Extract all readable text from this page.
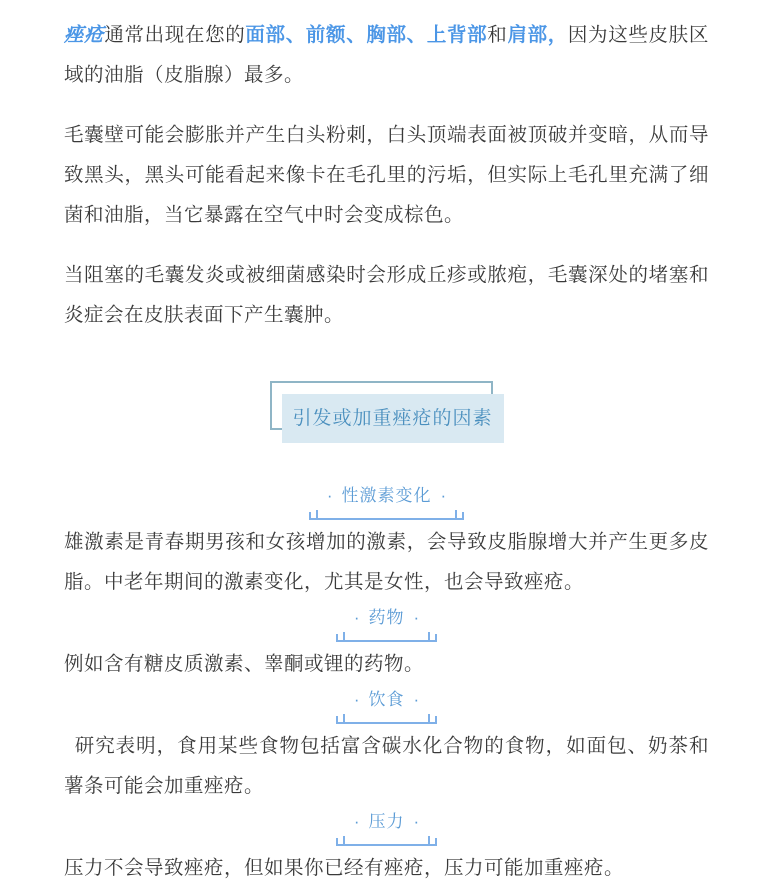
痤疮通常出现在您的面部、前额、胸部、上背部和肩部，因为这些皮肤区域的油脂（皮脂腺）最多。

毛囊壁可能会膨胀并产生白头粉刺，白头顶端表面被顶破并变暗，从而导致黑头，黑头可能看起来像卡在毛孔里的污垢，但实际上毛孔里充满了细菌和油脂，当它暴露在空气中时会变成棕色。

当阻塞的毛囊发炎或被细菌感染时会形成丘疹或脓疱，毛囊深处的堵塞和炎症会在皮肤表面下产生囊肿。

引发或加重痤疮的因素
· 性激素变化 ·

雄激素是青春期男孩和女孩增加的激素，会导致皮脂腺增大并产生更多皮脂。中老年期间的激素变化，尤其是女性，也会导致痤疮。

· 药物 ·

例如含有糖皮质激素、睾酮或锂的药物。

· 饮食 ·

 研究表明，食用某些食物包括富含碳水化合物的食物，如面包、奶茶和薯条可能会加重痤疮。

· 压力 ·

压力不会导致痤疮，但如果你已经有痤疮，压力可能加重痤疮。
